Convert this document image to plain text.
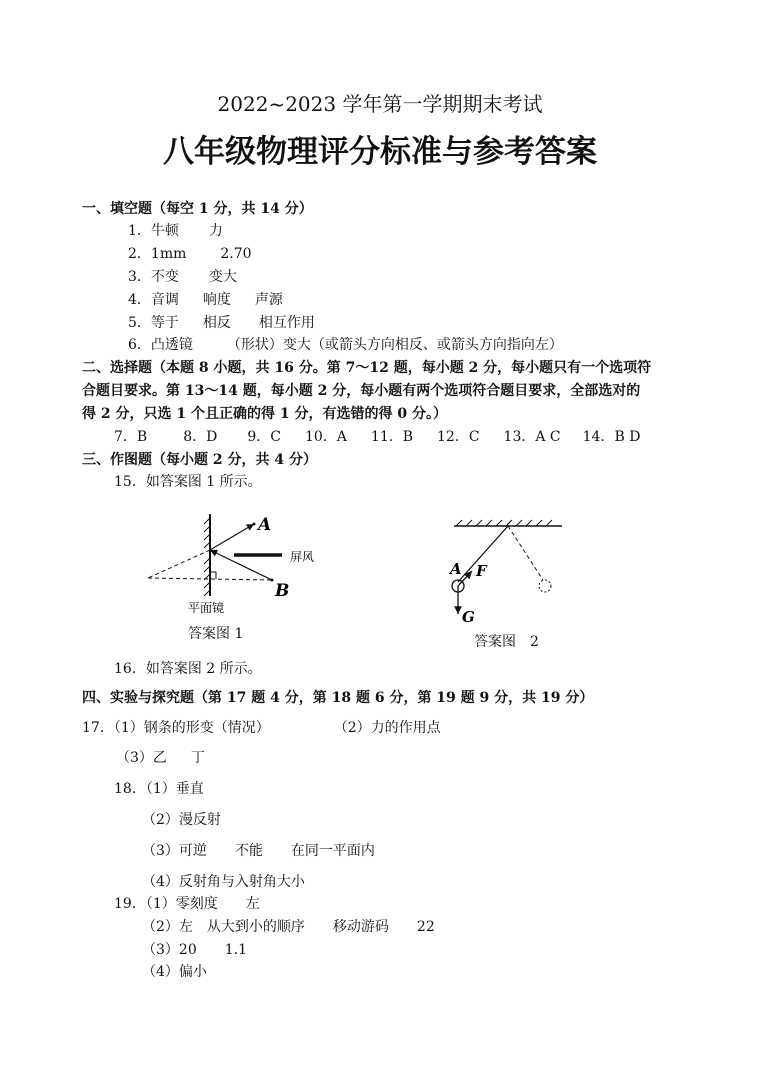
2022~2023 学年第一学期期末考试
八年级物理评分标准与参考答案
一、填空题（每空 1 分，共 14 分）
1．牛顿 力
2．1mm 2.70
3．不变 变大
4．音调 响度 声源
5．等于 相反 相互作用
6．凸透镜 （形状）变大（或箭头方向相反、或箭头方向指向左）
二、选择题（本题 8 小题，共 16 分。第 7～12 题，每小题 2 分，每小题只有一个选项符
合题目要求。第 13～14 题，每小题 2 分，每小题有两个选项符合题目要求，全部选对的
得 2 分，只选 1 个且正确的得 1 分，有选错的得 0 分。）
7．B	8．D 9．C 10．A 11．B 12．C 13．A C 14．B D
三、作图题（每小题 2 分，共 4 分）
15．如答案图 1 所示。
A
B
屏风
平面镜
答案图 1
A F
G
答案图　2
16．如答案图 2 所示。
四、实验与探究题（第 17 题 4 分，第 18 题 6 分，第 19 题 9 分，共 19 分）
17．（1）钢条的形变（情况）	（2）力的作用点
（3）乙 丁
18．（1）垂直
（2）漫反射
（3）可逆　　不能　　在同一平面内
（4）反射角与入射角大小
19．（1）零刻度　　左
（2）左　从大到小的顺序　　移动游码　　22
（3）20　　1.1
（4）偏小
